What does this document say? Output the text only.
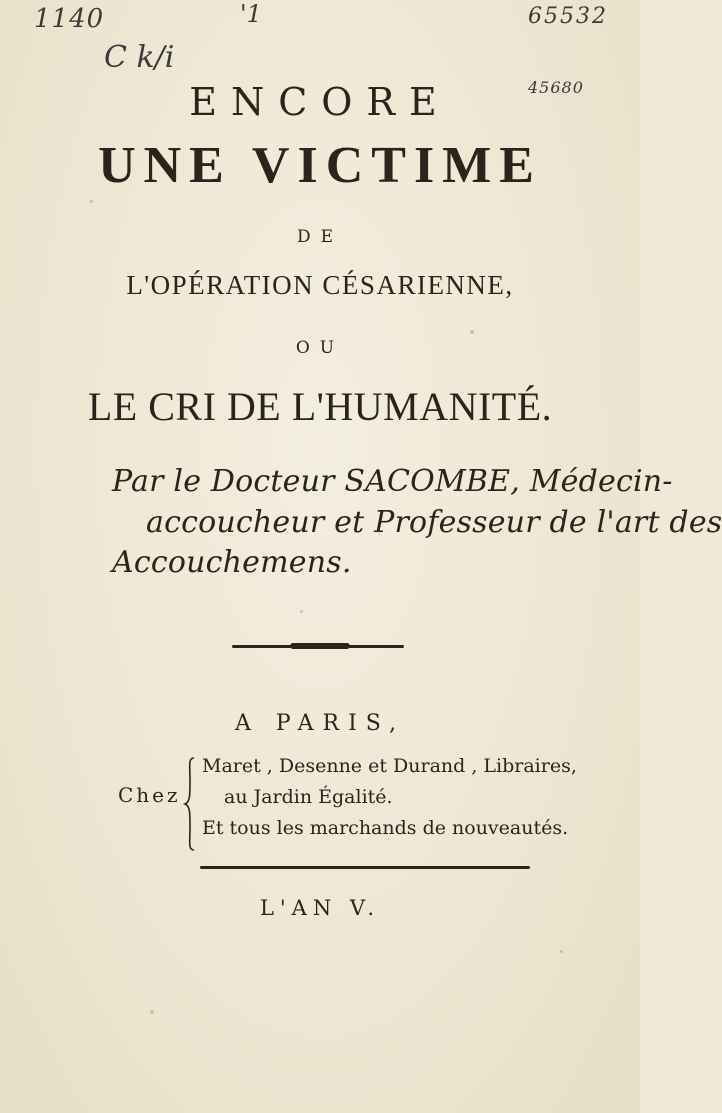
1140	'1	65532
C k/i
45680
ENCORE
UNE VICTIME
DE
L'OPÉRATION CÉSARIENNE,
OU
LE CRI DE L'HUMANITÉ.
Par le Docteur SACOMBE, Médecin-
accoucheur et Professeur de l'art des
Accouchemens.
A PARIS,
Chez
Maret , Desenne et Durand , Libraires,
au Jardin Égalité.
Et tous les marchands de nouveautés.
L'AN V.
